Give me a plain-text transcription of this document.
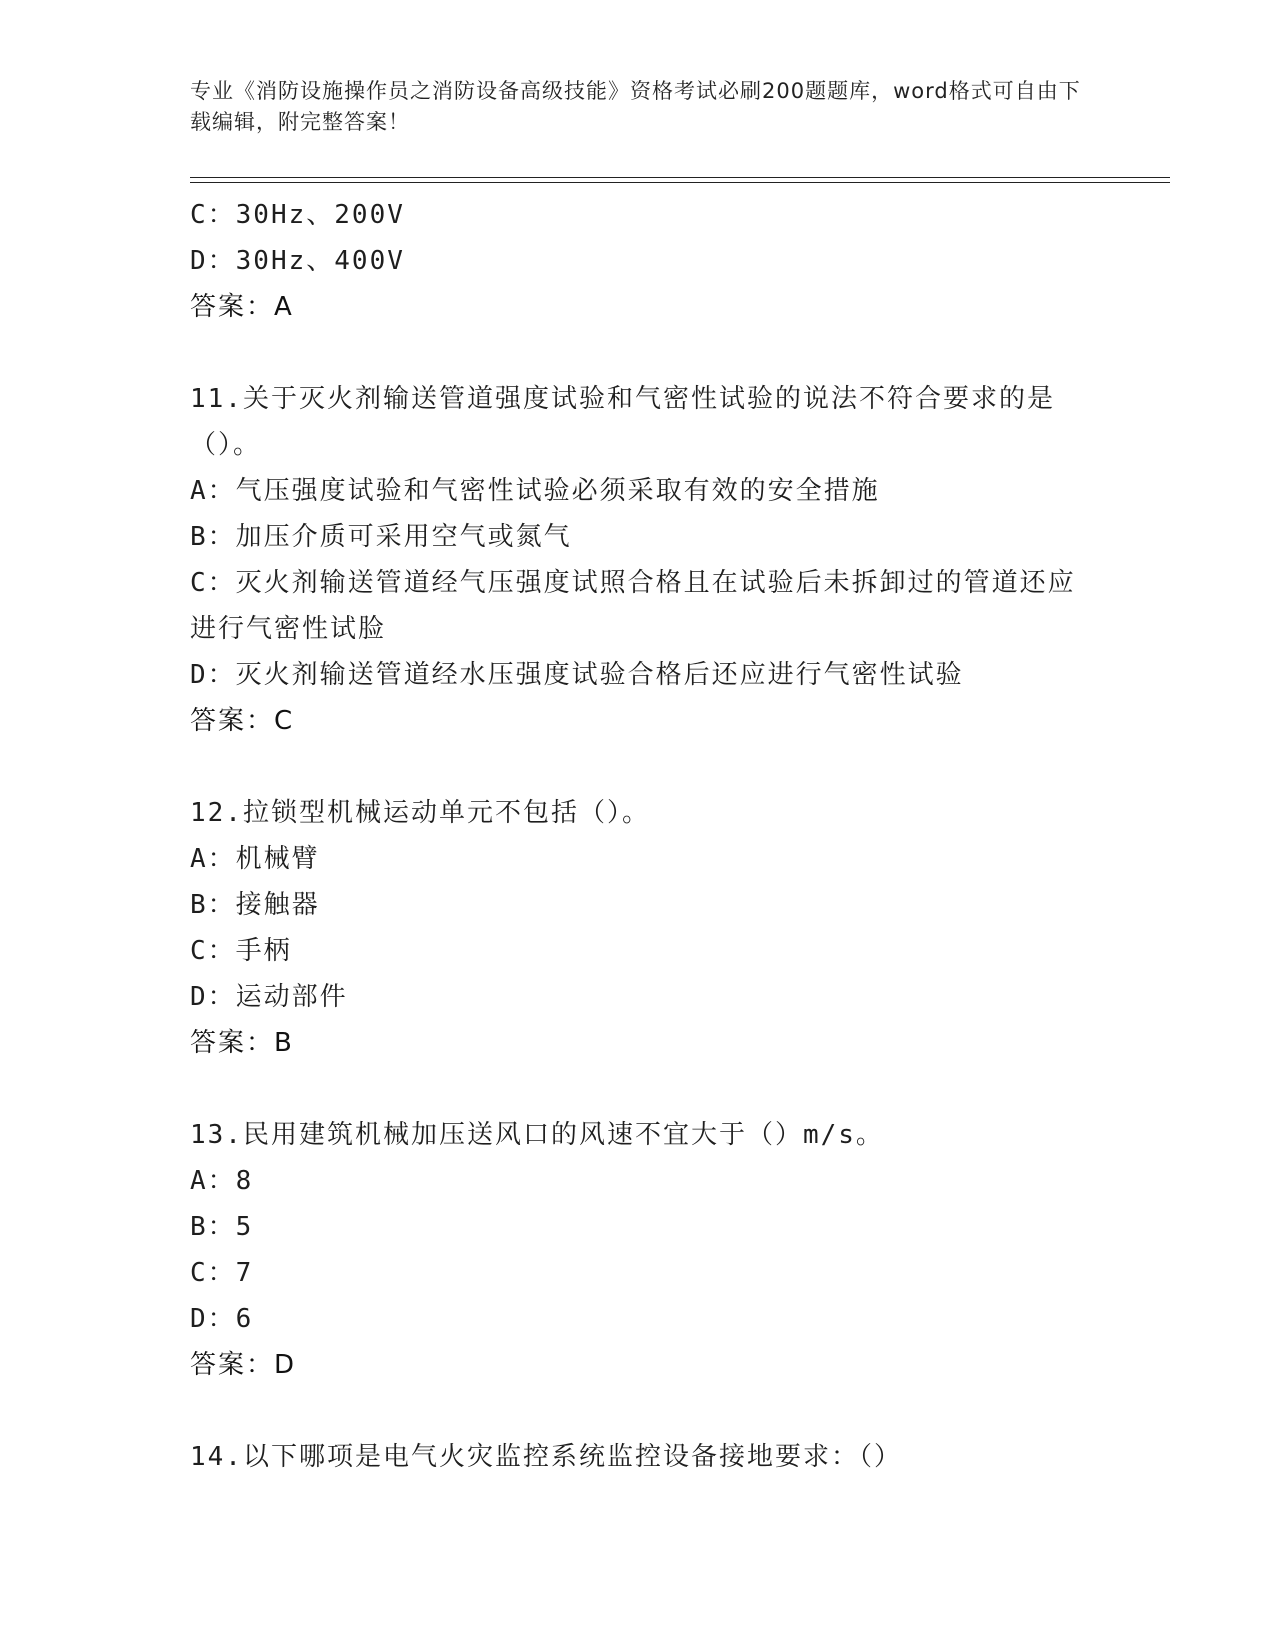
专业《消防设施操作员之消防设备高级技能》资格考试必刷200题题库，word格式可自由下载编辑，附完整答案！
C：30Hz、200V
D：30Hz、400V
答案：A
11.关于灭火剂输送管道强度试验和气密性试验的说法不符合要求的是（）。
A：气压强度试验和气密性试验必须采取有效的安全措施
B：加压介质可采用空气或氮气
C：灭火剂输送管道经气压强度试照合格且在试验后未拆卸过的管道还应进行气密性试脸
D：灭火剂输送管道经水压强度试验合格后还应进行气密性试验
答案：C
12.拉锁型机械运动单元不包括（）。
A：机械臂
B：接触器
C：手柄
D：运动部件
答案：B
13.民用建筑机械加压送风口的风速不宜大于（）m/s。
A：8
B：5
C：7
D：6
答案：D
14.以下哪项是电气火灾监控系统监控设备接地要求：（）
